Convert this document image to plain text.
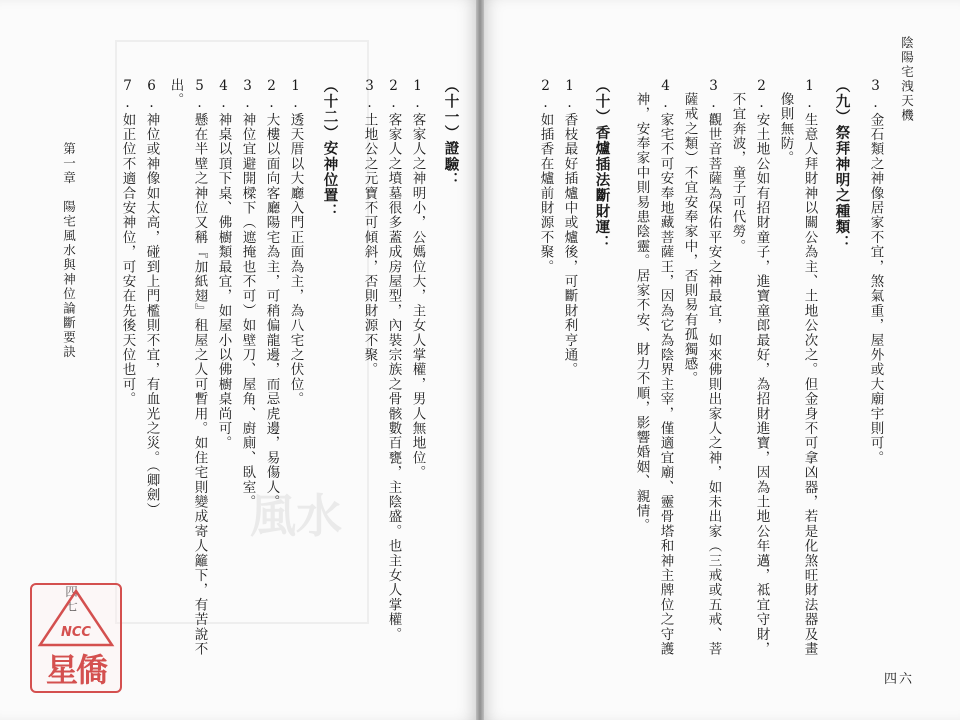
風水
（十一）證驗：
1.客家人之神明小，公媽位大，主女人掌權，男人無地位。
2.客家人之墳墓很多蓋成房屋型，內裝宗族之骨骸數百甕，主陰盛。也主女人掌權。
3.土地公之元寶不可傾斜，否則財源不聚。
（十二）安神位置：
1.透天厝以大廳入門正面為主，為八宅之伏位。
2.大樓以面向客廳陽宅為主，可稍偏龍邊，而忌虎邊，易傷人。
3.神位宜避開樑下（遮掩也不可）如壁刀、屋角、廚廁、臥室。
4.神桌以頂下桌、佛櫥類最宜，如屋小以佛櫥桌尚可。
5.懸在半壁之神位又稱『加紙翅』租屋之人可暫用。如住宅則變成寄人籬下，有苦說不
出。
6.神位或神像如太高，碰到上門檻則不宜，有血光之災。（卿劍）
7.如正位不適合安神位，可安在先後天位也可。
第一章　陽宅風水與神位論斷要訣
四七
NCC
星僑
陰陽宅洩天機
3.金石類之神像居家不宜，煞氣重，屋外或大廟宇則可。
（九）祭拜神明之種類：
1.生意人拜財神以關公為主、土地公次之。但金身不可拿凶器，若是化煞旺財法器及畫
像則無防。
2.安土地公如有招財童子，進寶童郎最好，為招財進寶，因為土地公年邁，祗宜守財，
不宜奔波，童子可代勞。
3.觀世音菩薩為保佑平安之神最宜，如來佛則出家人之神，如未出家（三戒或五戒、菩
薩戒之類）不宜安奉家中，否則易有孤獨感。
4.家宅不可安奉地藏菩薩王，因為它為陰界主宰，僅適宜廟、靈骨塔和神主牌位之守護
神，安奉家中則易患陰靈。居家不安、財力不順，影響婚姻、親情。
（十）香爐插法斷財運：
1.香枝最好插爐中或爐後，可斷財利亨通。
2.如插香在爐前財源不聚。
四六
